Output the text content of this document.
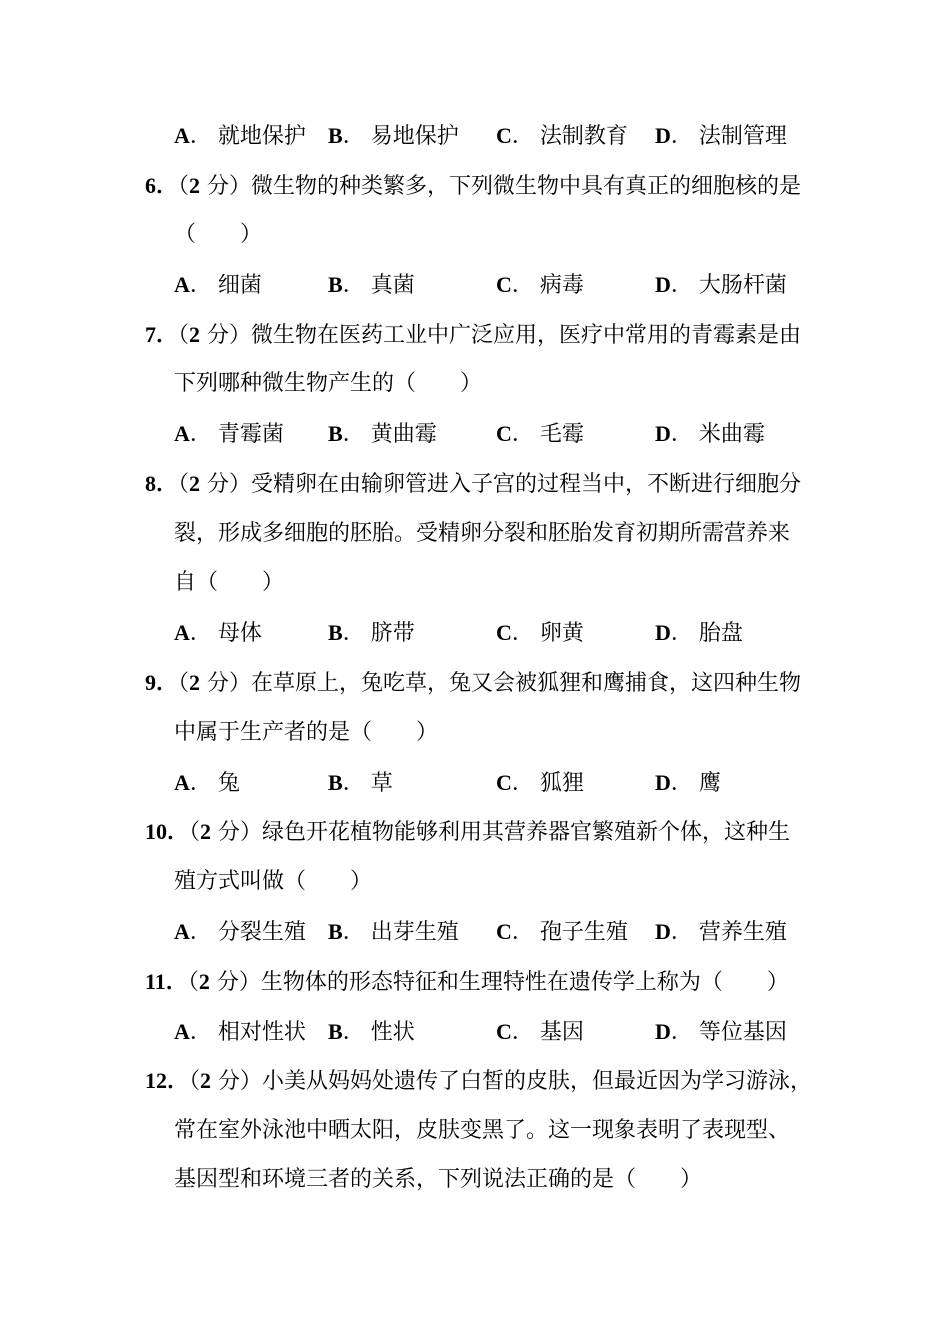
A． 就地保护 B． 易地保护 C． 法制教育 D． 法制管理
6．（2 分）微生物的种类繁多，下列微生物中具有真正的细胞核的是
（　　）
A． 细菌	B． 真菌	C． 病毒	D． 大肠杆菌
7．（2 分）微生物在医药工业中广泛应用，医疗中常用的青霉素是由
下列哪种微生物产生的（　　）
A． 青霉菌 B． 黄曲霉	C． 毛霉	D． 米曲霉
8．（2 分）受精卵在由输卵管进入子宫的过程当中，不断进行细胞分
裂，形成多细胞的胚胎。受精卵分裂和胚胎发育初期所需营养来
自（　　）
A． 母体	B． 脐带	C． 卵黄	D． 胎盘
9．（2 分）在草原上，兔吃草，兔又会被狐狸和鹰捕食，这四种生物
中属于生产者的是（　　）
A． 兔	B． 草	C． 狐狸	D． 鹰
10．（2 分）绿色开花植物能够利用其营养器官繁殖新个体，这种生
殖方式叫做（　　）
A． 分裂生殖 B． 出芽生殖 C． 孢子生殖 D． 营养生殖
11．（2 分）生物体的形态特征和生理特性在遗传学上称为（　　）
A． 相对性状 B． 性状	C． 基因	D． 等位基因
12．（2 分）小美从妈妈处遗传了白皙的皮肤，但最近因为学习游泳，
常在室外泳池中晒太阳，皮肤变黑了。这一现象表明了表现型、
基因型和环境三者的关系，下列说法正确的是（　　）
